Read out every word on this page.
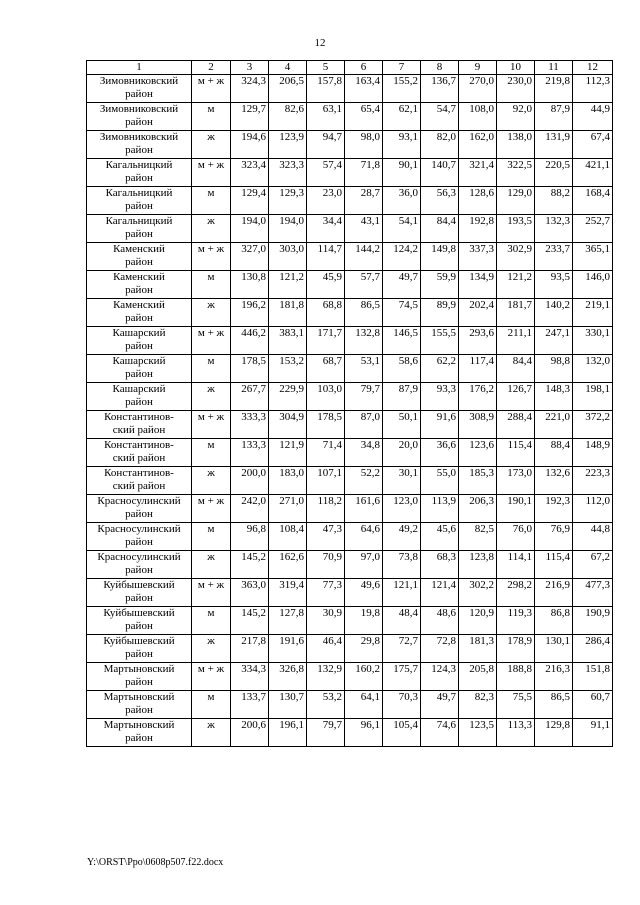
12
1	2	3	4	5	6	7	8	9	10	11	12

Зимовниковский
район	м + ж	324,3	206,5	157,8	163,4	155,2	136,7	270,0	230,0	219,8	112,3

Зимовниковский
район	м	129,7	82,6	63,1	65,4	62,1	54,7	108,0	92,0	87,9	44,9

Зимовниковский
район	ж	194,6	123,9	94,7	98,0	93,1	82,0	162,0	138,0	131,9	67,4

Кагальницкий
район	м + ж	323,4	323,3	57,4	71,8	90,1	140,7	321,4	322,5	220,5	421,1

Кагальницкий
район	м	129,4	129,3	23,0	28,7	36,0	56,3	128,6	129,0	88,2	168,4

Кагальницкий
район	ж	194,0	194,0	34,4	43,1	54,1	84,4	192,8	193,5	132,3	252,7

Каменский
район	м + ж	327,0	303,0	114,7	144,2	124,2	149,8	337,3	302,9	233,7	365,1

Каменский
район	м	130,8	121,2	45,9	57,7	49,7	59,9	134,9	121,2	93,5	146,0

Каменский
район	ж	196,2	181,8	68,8	86,5	74,5	89,9	202,4	181,7	140,2	219,1

Кашарский
район	м + ж	446,2	383,1	171,7	132,8	146,5	155,5	293,6	211,1	247,1	330,1

Кашарский
район	м	178,5	153,2	68,7	53,1	58,6	62,2	117,4	84,4	98,8	132,0

Кашарский
район	ж	267,7	229,9	103,0	79,7	87,9	93,3	176,2	126,7	148,3	198,1

Константинов-
ский район	м + ж	333,3	304,9	178,5	87,0	50,1	91,6	308,9	288,4	221,0	372,2

Константинов-
ский район	м	133,3	121,9	71,4	34,8	20,0	36,6	123,6	115,4	88,4	148,9

Константинов-
ский район	ж	200,0	183,0	107,1	52,2	30,1	55,0	185,3	173,0	132,6	223,3

Красносулинский
район	м + ж	242,0	271,0	118,2	161,6	123,0	113,9	206,3	190,1	192,3	112,0

Красносулинский
район	м	96,8	108,4	47,3	64,6	49,2	45,6	82,5	76,0	76,9	44,8

Красносулинский
район	ж	145,2	162,6	70,9	97,0	73,8	68,3	123,8	114,1	115,4	67,2

Куйбышевский
район	м + ж	363,0	319,4	77,3	49,6	121,1	121,4	302,2	298,2	216,9	477,3

Куйбышевский
район	м	145,2	127,8	30,9	19,8	48,4	48,6	120,9	119,3	86,8	190,9

Куйбышевский
район	ж	217,8	191,6	46,4	29,8	72,7	72,8	181,3	178,9	130,1	286,4

Мартыновский
район	м + ж	334,3	326,8	132,9	160,2	175,7	124,3	205,8	188,8	216,3	151,8

Мартыновский
район	м	133,7	130,7	53,2	64,1	70,3	49,7	82,3	75,5	86,5	60,7

Мартыновский
район	ж	200,6	196,1	79,7	96,1	105,4	74,6	123,5	113,3	129,8	91,1
Y:\ORST\Ppo\0608p507.f22.docx
